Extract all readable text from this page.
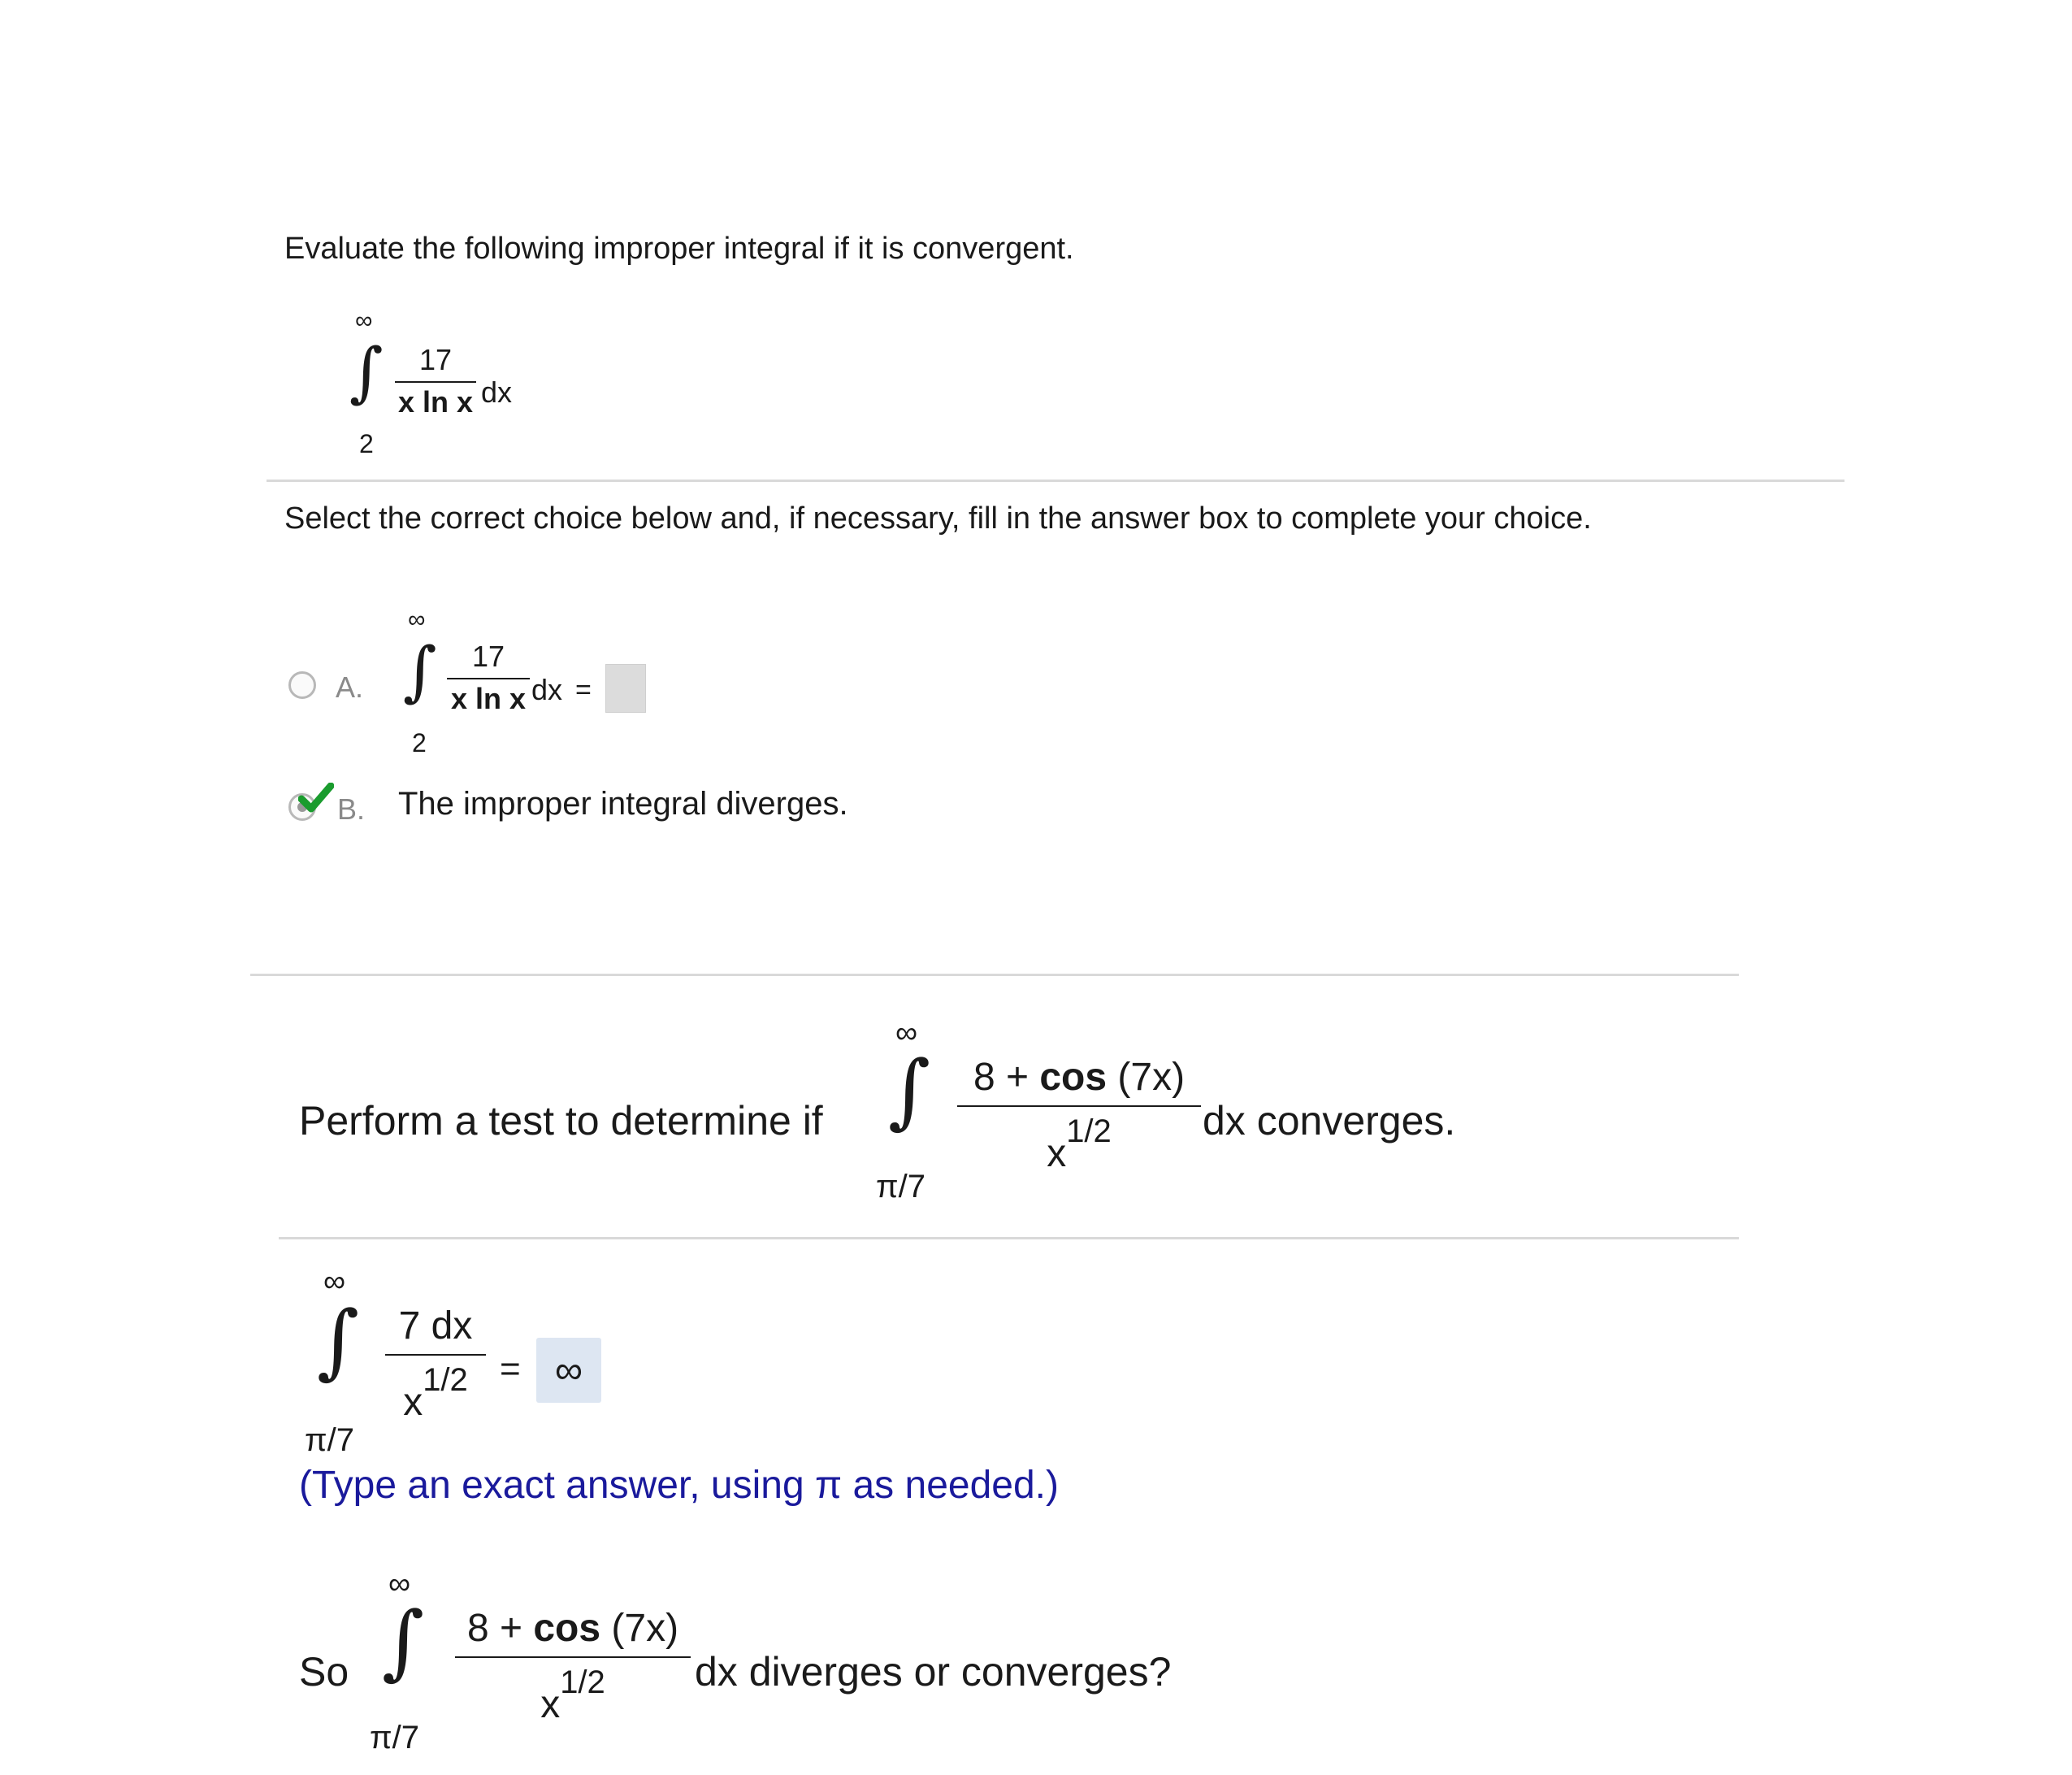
Evaluate the following improper integral if it is convergent.
∞
∫
2
17
x ln x dx
Select the correct choice below and, if necessary, fill in the answer box to complete your choice.
A.
∞
∫
2
17
x ln x dx =
B. The improper integral diverges.
Perform a test to determine if
∞
∫
π/7
8 + cos (7x)
x1/2 dx converges.
∞
∫
π/7
7 dx
x1/2 = ∞
(Type an exact answer, using π as needed.)
So
∞
∫
π/7
8 + cos (7x)
x1/2 dx diverges or converges?
